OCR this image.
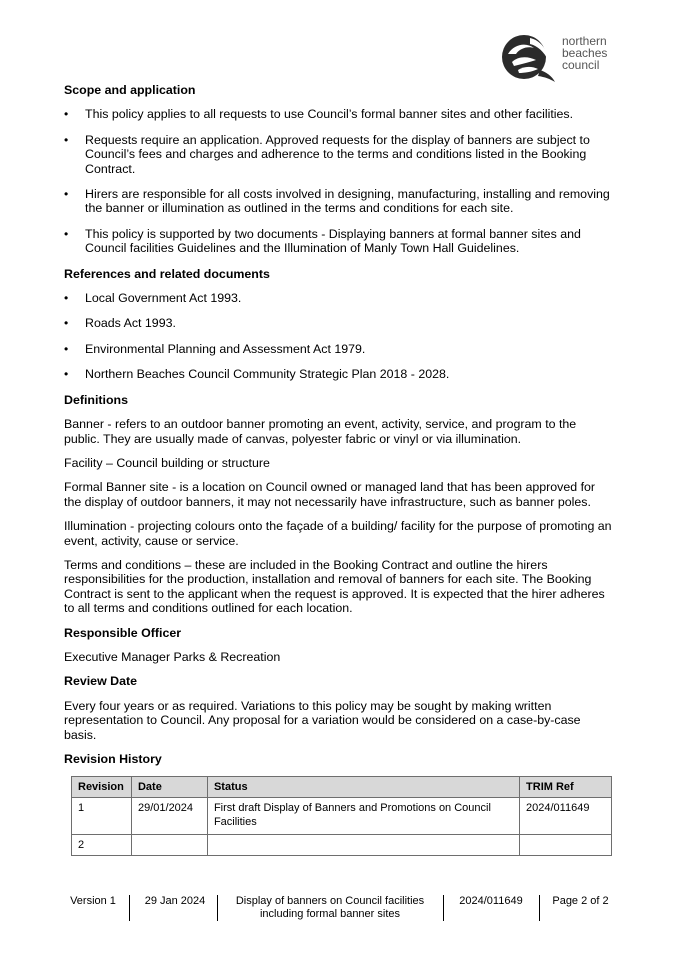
northern
beaches
council
Scope and application
• This policy applies to all requests to use Council’s formal banner sites and other facilities.
• Requests require an application. Approved requests for the display of banners are subject to Council’s fees and charges and adherence to the terms and conditions listed in the Booking Contract.
• Hirers are responsible for all costs involved in designing, manufacturing, installing and removing the banner or illumination as outlined in the terms and conditions for each site.
• This policy is supported by two documents - Displaying banners at formal banner sites and Council facilities Guidelines and the Illumination of Manly Town Hall Guidelines.
References and related documents
• Local Government Act 1993.
• Roads Act 1993.
• Environmental Planning and Assessment Act 1979.
• Northern Beaches Council Community Strategic Plan 2018 - 2028.
Definitions

Banner - refers to an outdoor banner promoting an event, activity, service, and program to the public. They are usually made of canvas, polyester fabric or vinyl or via illumination.

Facility – Council building or structure

Formal Banner site - is a location on Council owned or managed land that has been approved for the display of outdoor banners, it may not necessarily have infrastructure, such as banner poles.

Illumination - projecting colours onto the façade of a building/ facility for the purpose of promoting an event, activity, cause or service.

Terms and conditions – these are included in the Booking Contract and outline the hirers responsibilities for the production, installation and removal of banners for each site. The Booking Contract is sent to the applicant when the request is approved. It is expected that the hirer adheres to all terms and conditions outlined for each location.

Responsible Officer

Executive Manager Parks & Recreation

Review Date

Every four years or as required. Variations to this policy may be sought by making written representation to Council. Any proposal for a variation would be considered on a case-by-case basis.

Revision History
Revision	Date	Status	TRIM Ref
1	29/01/2024	First draft Display of Banners and Promotions on Council Facilities	2024/011649
2			
Version 1	29 Jan 2024	Display of banners on Council facilities including formal banner sites
2024/011649	Page 2 of 2
